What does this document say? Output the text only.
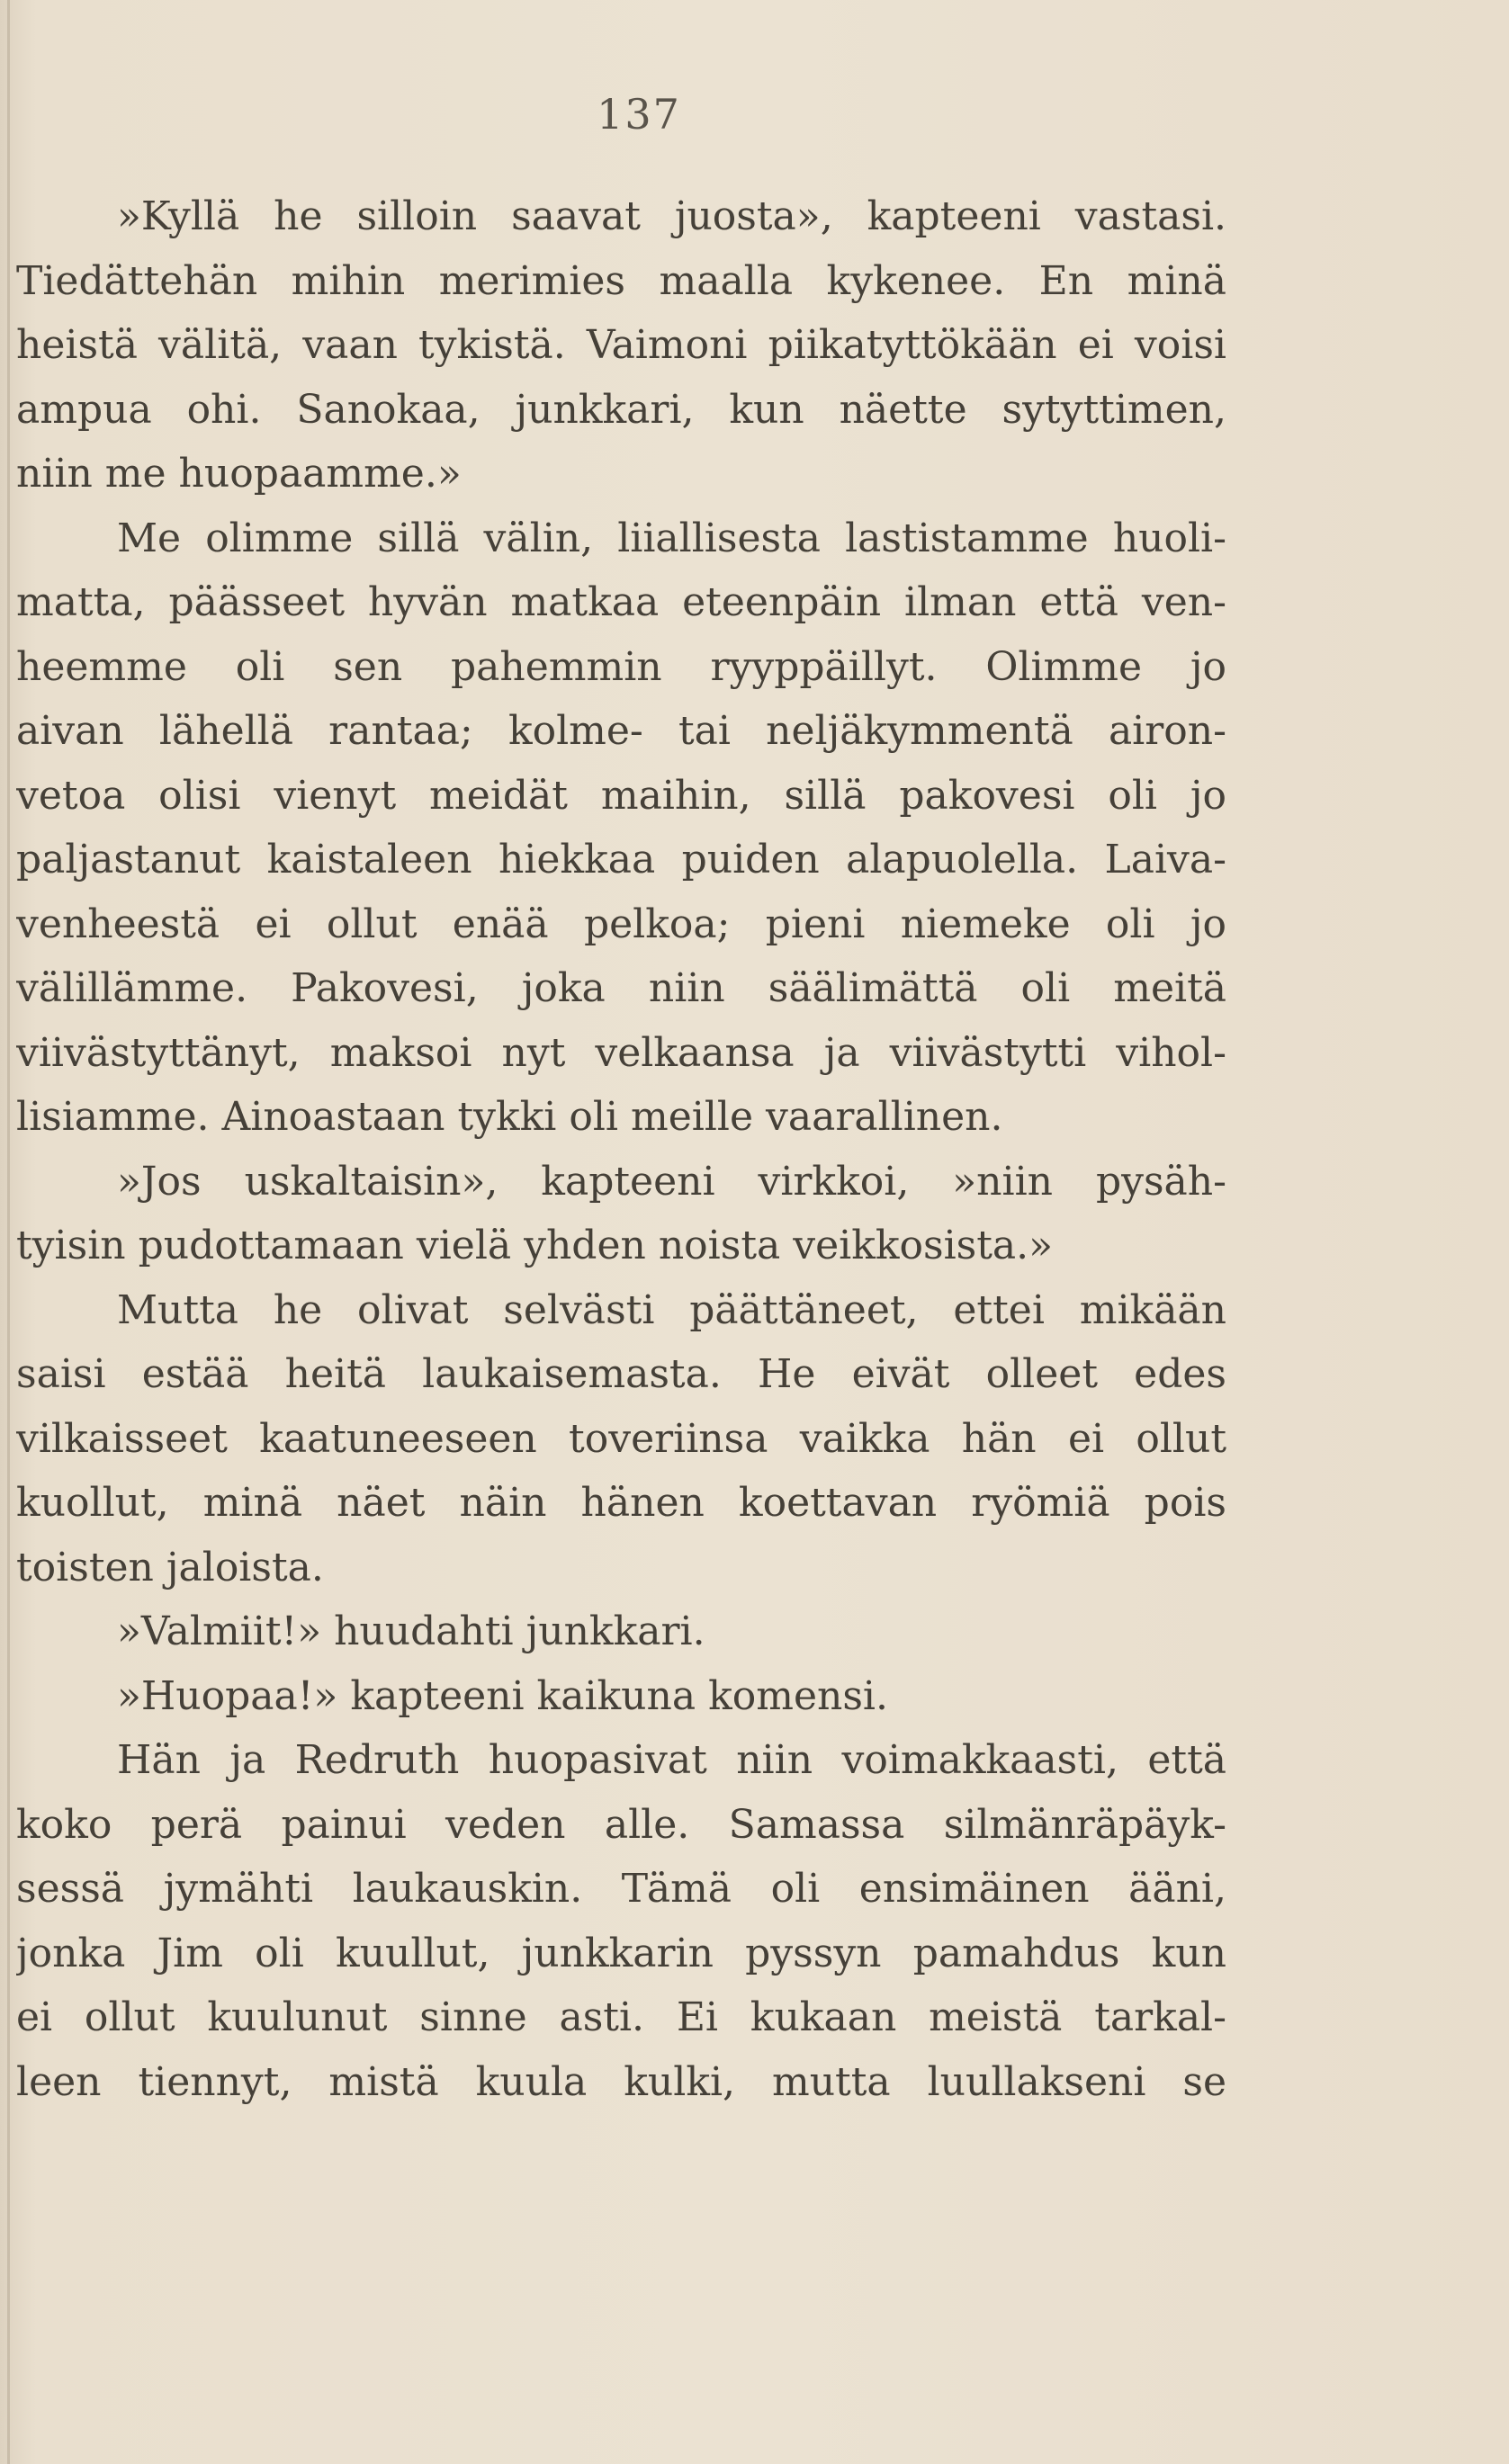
137
»Kyllä he silloin saavat juosta», kapteeni vastasi.
Tiedättehän mihin merimies maalla kykenee. En minä
heistä välitä, vaan tykistä. Vaimoni piikatyttökään ei voisi
ampua ohi. Sanokaa, junkkari, kun näette sytyttimen,
niin me huopaamme.»
Me olimme sillä välin, liiallisesta lastistamme huoli-
matta, päässeet hyvän matkaa eteenpäin ilman että ven-
heemme oli sen pahemmin ryyppäillyt. Olimme jo
aivan lähellä rantaa; kolme- tai neljäkymmentä airon-
vetoa olisi vienyt meidät maihin, sillä pakovesi oli jo
paljastanut kaistaleen hiekkaa puiden alapuolella. Laiva-
venheestä ei ollut enää pelkoa; pieni niemeke oli jo
välillämme. Pakovesi, joka niin säälimättä oli meitä
viivästyttänyt, maksoi nyt velkaansa ja viivästytti vihol-
lisiamme. Ainoastaan tykki oli meille vaarallinen.
»Jos uskaltaisin», kapteeni virkkoi, »niin pysäh-
tyisin pudottamaan vielä yhden noista veikkosista.»
Mutta he olivat selvästi päättäneet, ettei mikään
saisi estää heitä laukaisemasta. He eivät olleet edes
vilkaisseet kaatuneeseen toveriinsa vaikka hän ei ollut
kuollut, minä näet näin hänen koettavan ryömiä pois
toisten jaloista.
»Valmiit!» huudahti junkkari.
»Huopaa!» kapteeni kaikuna komensi.
Hän ja Redruth huopasivat niin voimakkaasti, että
koko perä painui veden alle. Samassa silmänräpäyk-
sessä jymähti laukauskin. Tämä oli ensimäinen ääni,
jonka Jim oli kuullut, junkkarin pyssyn pamahdus kun
ei ollut kuulunut sinne asti. Ei kukaan meistä tarkal-
leen tiennyt, mistä kuula kulki, mutta luullakseni se
